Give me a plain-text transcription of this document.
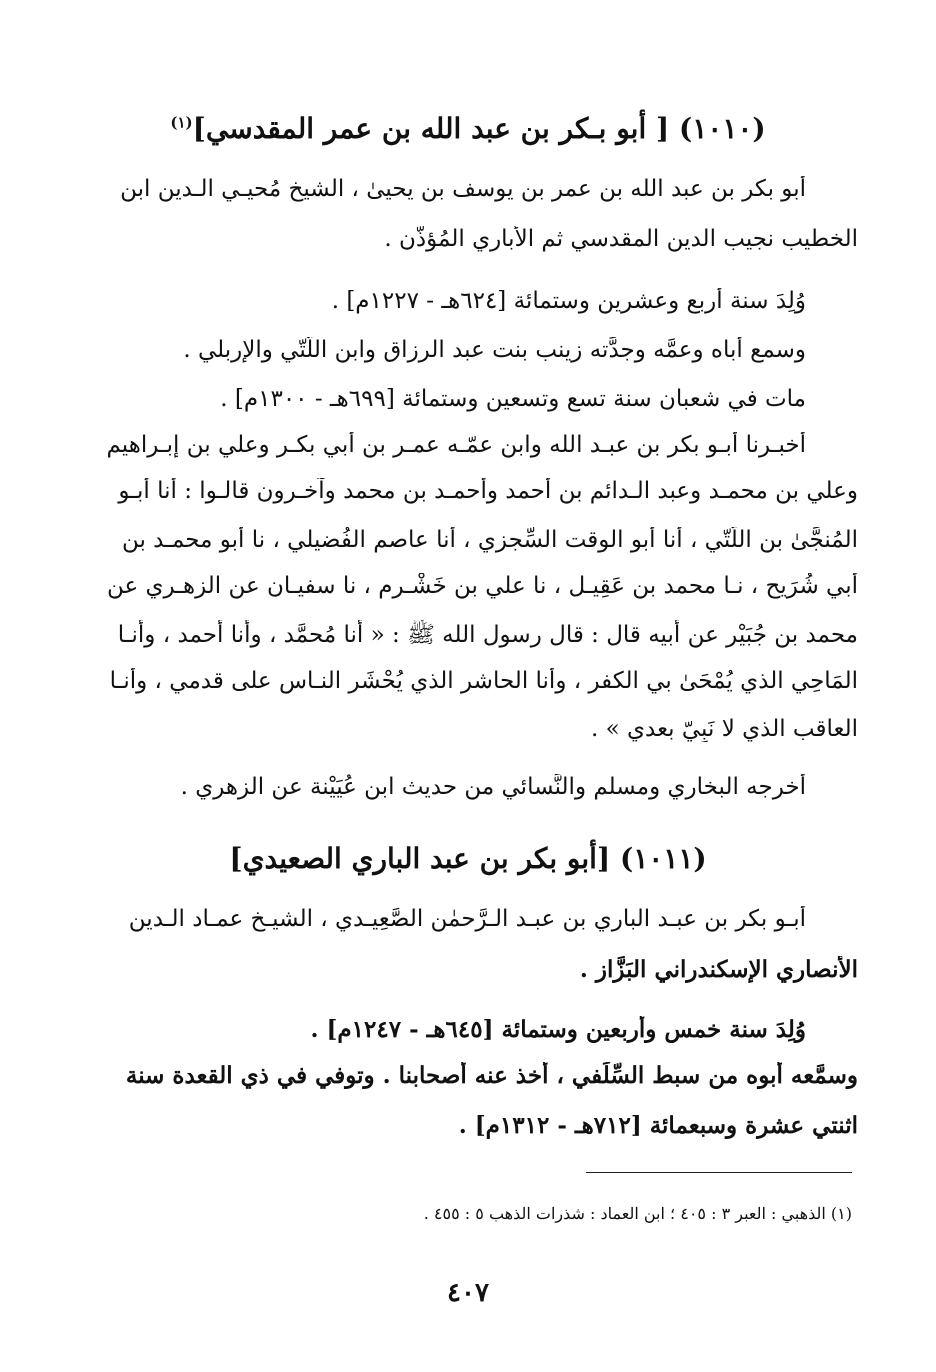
(١٠١٠) [ أبو بـكر بن عبد الله بن عمر المقدسي]$^{(١)}$
أبو بكر بن عبد الله بن عمر بن يوسف بن يحيىٰ ، الشيخ مُحيـي الـدين ابن
الخطيب نجيب الدين المقدسي ثم الأباري المُؤذّن .
وُلِدَ سنة أربع وعشرين وستمائة [٦٢٤هـ - ١٢٢٧م] .
وسمع أباه وعمَّه وجدَّته زينب بنت عبد الرزاق وابن اللَّتّي والإربلي .
مات في شعبان سنة تسع وتسعين وستمائة [٦٩٩هـ - ١٣٠٠م] .
أخبـرنا أبـو بكر بن عبـد الله وابن عمّـه عمـر بن أبي بكـر وعلي بن إبـراهيم
وعلي بن محمـد وعبد الـدائم بن أحمد وأحمـد بن محمد وآخـرون قالـوا : أنا أبـو
المُنجَّىٰ بن اللَّتّي ، أنا أبو الوقت السِّجزي ، أنا عاصم الفُضيلي ، نا أبو محمـد بن
أبي شُرَيح ، نـا محمد بن عَقِيـل ، نا علي بن خَشْـرم ، نا سفيـان عن الزهـري عن
محمد بن جُبَيْر عن أبيه قال : قال رسول الله ﷺ : « أنا مُحمَّد ، وأنا أحمد ، وأنـا
المَاحِي الذي يُمْحَىٰ بي الكفر ، وأنا الحاشر الذي يُحْشَر النـاس على قدمي ، وأنـا
العاقب الذي لا نَبِيّ بعدي » .
أخرجه البخاري ومسلم والنَّسائي من حديث ابن عُيَيْنة عن الزهري .
(١٠١١) [أبو بكر بن عبد الباري الصعيدي]
أبـو بكر بن عبـد الباري بن عبـد الـرَّحمٰن الصَّعِيـدي ، الشيـخ عمـاد الـدين
الأنصاري الإسكندراني البَزَّاز .
وُلِدَ سنة خمس وأربعين وستمائة [٦٤٥هـ - ١٢٤٧م] .
وسمَّعه أبوه من سبط السِّلَفي ، أخذ عنه أصحابنا . وتوفي في ذي القعدة سنة
اثنتي عشرة وسبعمائة [٧١٢هـ - ١٣١٢م] .
(١) الذهبي : العبر ٣ : ٤٠٥ ؛ ابن العماد : شذرات الذهب ٥ : ٤٥٥ .
٤٠٧
